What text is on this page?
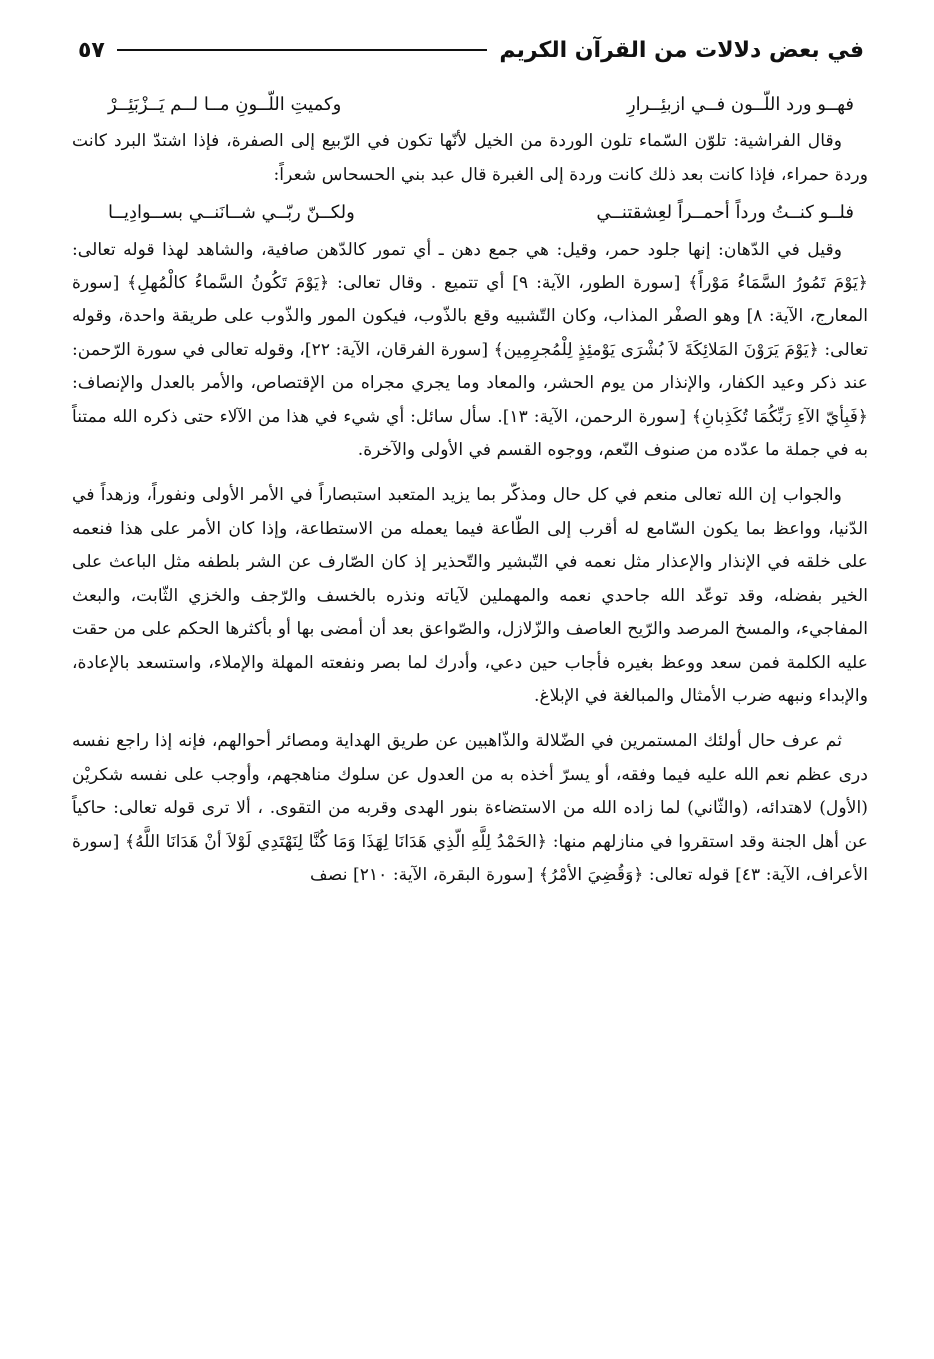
في بعض دلالات من القرآن الكريم
٥٧
فهــو ورد اللّــون فــي ازبئِــرارِ
وكميتِ اللّــونِ مــا لــم يَــزْبَئِــرْ

وقال الفراشية: تلوّن السّماء تلون الوردة من الخيل لأنّها تكون في الرّبيع إلى الصفرة، فإذا اشتدّ البرد كانت وردة حمراء، فإذا كانت بعد ذلك كانت وردة إلى الغبرة قال عبد بني الحسحاس شعراً:

فلــو كنــتُ ورداً أحمــراً لعِشقتنــي
ولكــنّ ربّــي شــانَنــي بســوادِيــا

وقيل في الدّهان: إنها جلود حمر، وقيل: هي جمع دهن ـ أي تمور كالدّهن صافية، والشاهد لهذا قوله تعالى: ﴿يَوْمَ تَمُورُ السَّمَاءُ مَوْراً﴾ [سورة الطور، الآية: ٩] أي تتميع . وقال تعالى: ﴿يَوْمَ تَكُونُ السَّماءُ كالْمُهلِ﴾ [سورة المعارج، الآية: ٨] وهو الصفْر المذاب، وكان التّشبيه وقع بالذّوب، فيكون المور والذّوب على طريقة واحدة، وقوله تعالى: ﴿يَوْمَ يَرَوْنَ المَلائِكَةَ لاَ بُشْرَى يَوْمئِذٍ لِلْمُجرِمِين﴾ [سورة الفرقان، الآية: ٢٢]، وقوله تعالى في سورة الرّحمن: عند ذكر وعيد الكفار، والإنذار من يوم الحشر، والمعاد وما يجري مجراه من الإقتصاص، والأمر بالعدل والإنصاف: ﴿فَبِأيّ الآءِ رَبِّكُمَا تُكَذِبانِ﴾ [سورة الرحمن، الآية: ١٣]. سأل سائل: أي شيء في هذا من الآلاء حتى ذكره الله ممتناً به في جملة ما عدّده من صنوف النّعم، ووجوه القسم في الأولى والآخرة.

والجواب إن الله تعالى منعم في كل حال ومذكّر بما يزيد المتعبد استبصاراً في الأمر الأولى ونفوراً، وزهداً في الدّنيا، وواعظ بما يكون السّامع له أقرب إلى الطّاعة فيما يعمله من الاستطاعة، وإذا كان الأمر على هذا فنعمه على خلقه في الإنذار والإعذار مثل نعمه في التّبشير والتّحذير إذ كان الصّارف عن الشر بلطفه مثل الباعث على الخير بفضله، وقد توعّد الله جاحدي نعمه والمهملين لآياته ونذره بالخسف والرّجف والخزي الثّابت، والبعث المفاجيء، والمسخ المرصد والرّيح العاصف والزّلازل، والصّواعق بعد أن أمضى بها أو بأكثرها الحكم على من حقت عليه الكلمة فمن سعد ووعظ بغيره فأجاب حين دعي، وأدرك لما بصر ونفعته المهلة والإملاء، واستسعد بالإعادة، والإبداء ونبهه ضرب الأمثال والمبالغة في الإبلاغ.

ثم عرف حال أولئك المستمرين في الضّلالة والذّاهبين عن طريق الهداية ومصائر أحوالهم، فإنه إذا راجع نفسه درى عظم نعم الله عليه فيما وفقه، أو يسرّ أخذه به من العدول عن سلوك مناهجهم، وأوجب على نفسه شكريْن (الأول) لاهتدائه، (والثّاني) لما زاده الله من الاستضاءة بنور الهدى وقربه من التقوى. ، ألا ترى قوله تعالى: حاكياً عن أهل الجنة وقد استقروا في منازلهم منها: ﴿الحَمْدُ لِلَّهِ الّذِي هَدَانَا لِهَذَا وَمَا كُنَّا لِنَهْتَدِي لَوْلاَ أنْ هَدَانَا اللَّهُ﴾ [سورة الأعراف، الآية: ٤٣] قوله تعالى: ﴿وَقُضِيَ الأمْرُ﴾ [سورة البقرة، الآية: ٢١٠] نصف
